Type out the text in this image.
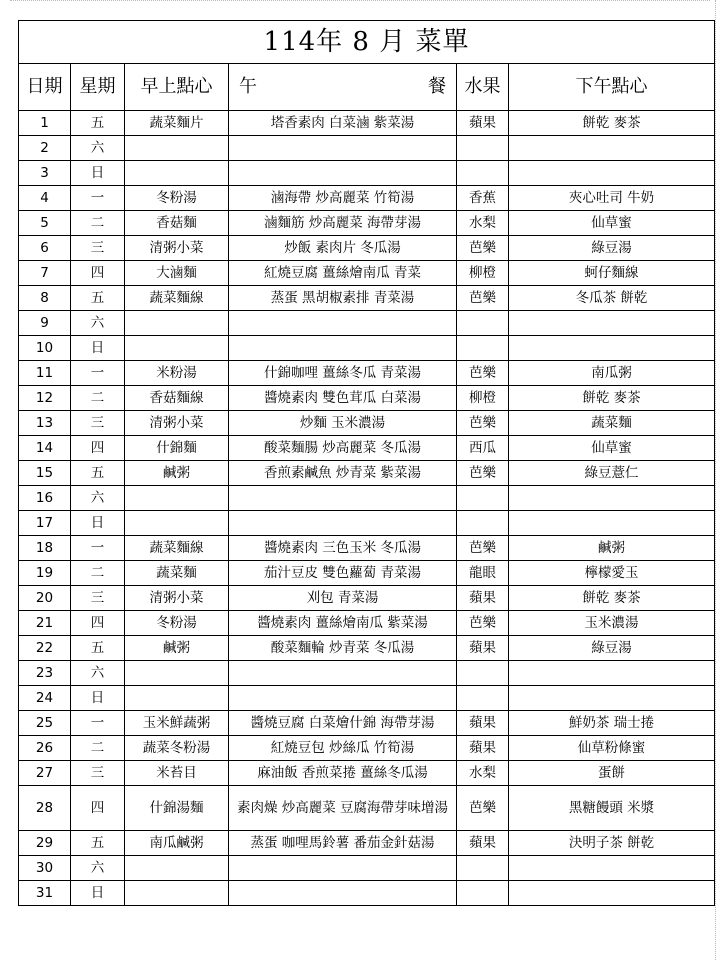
114年 8 月 菜單					
日期	星期	早上點心	午 餐	水果	下午點心
1	五	蔬菜麵片	塔香素肉 白菜滷 紫菜湯	蘋果	餅乾 麥茶
2	六				
3	日				
4	一	冬粉湯	滷海帶 炒高麗菜 竹筍湯	香蕉	夾心吐司 牛奶
5	二	香菇麵	滷麵筋 炒高麗菜 海帶芽湯	水梨	仙草蜜
6	三	清粥小菜	炒飯 素肉片 冬瓜湯	芭樂	綠豆湯
7	四	大滷麵	紅燒豆腐 薑絲燴南瓜 青菜	柳橙	蚵仔麵線
8	五	蔬菜麵線	蒸蛋 黑胡椒素排 青菜湯	芭樂	冬瓜茶 餅乾
9	六				
10	日				
11	一	米粉湯	什錦咖哩 薑絲冬瓜 青菜湯	芭樂	南瓜粥
12	二	香菇麵線	醬燒素肉 雙色茸瓜 白菜湯	柳橙	餅乾 麥茶
13	三	清粥小菜	炒麵 玉米濃湯	芭樂	蔬菜麵
14	四	什錦麵	酸菜麵腸 炒高麗菜 冬瓜湯	西瓜	仙草蜜
15	五	鹹粥	香煎素鹹魚 炒青菜 紫菜湯	芭樂	綠豆薏仁
16	六				
17	日				
18	一	蔬菜麵線	醬燒素肉 三色玉米 冬瓜湯	芭樂	鹹粥
19	二	蔬菜麵	茄汁豆皮 雙色蘿蔔 青菜湯	龍眼	檸檬愛玉
20	三	清粥小菜	刈包 青菜湯	蘋果	餅乾 麥茶
21	四	冬粉湯	醬燒素肉 薑絲燴南瓜 紫菜湯	芭樂	玉米濃湯
22	五	鹹粥	酸菜麵輪 炒青菜 冬瓜湯	蘋果	綠豆湯
23	六				
24	日				
25	一	玉米鮮蔬粥	醬燒豆腐 白菜燴什錦 海帶芽湯	蘋果	鮮奶茶 瑞士捲
26	二	蔬菜冬粉湯	紅燒豆包 炒絲瓜 竹筍湯	蘋果	仙草粉條蜜
27	三	米苔目	麻油飯 香煎菜捲 薑絲冬瓜湯	水梨	蛋餅
28	四	什錦湯麵	素肉燥 炒高麗菜 豆腐海帶芽味增湯	芭樂	黑糖饅頭 米漿
29	五	南瓜鹹粥	蒸蛋 咖哩馬鈴薯 番茄金針菇湯	蘋果	決明子茶 餅乾
30	六				
31	日				
